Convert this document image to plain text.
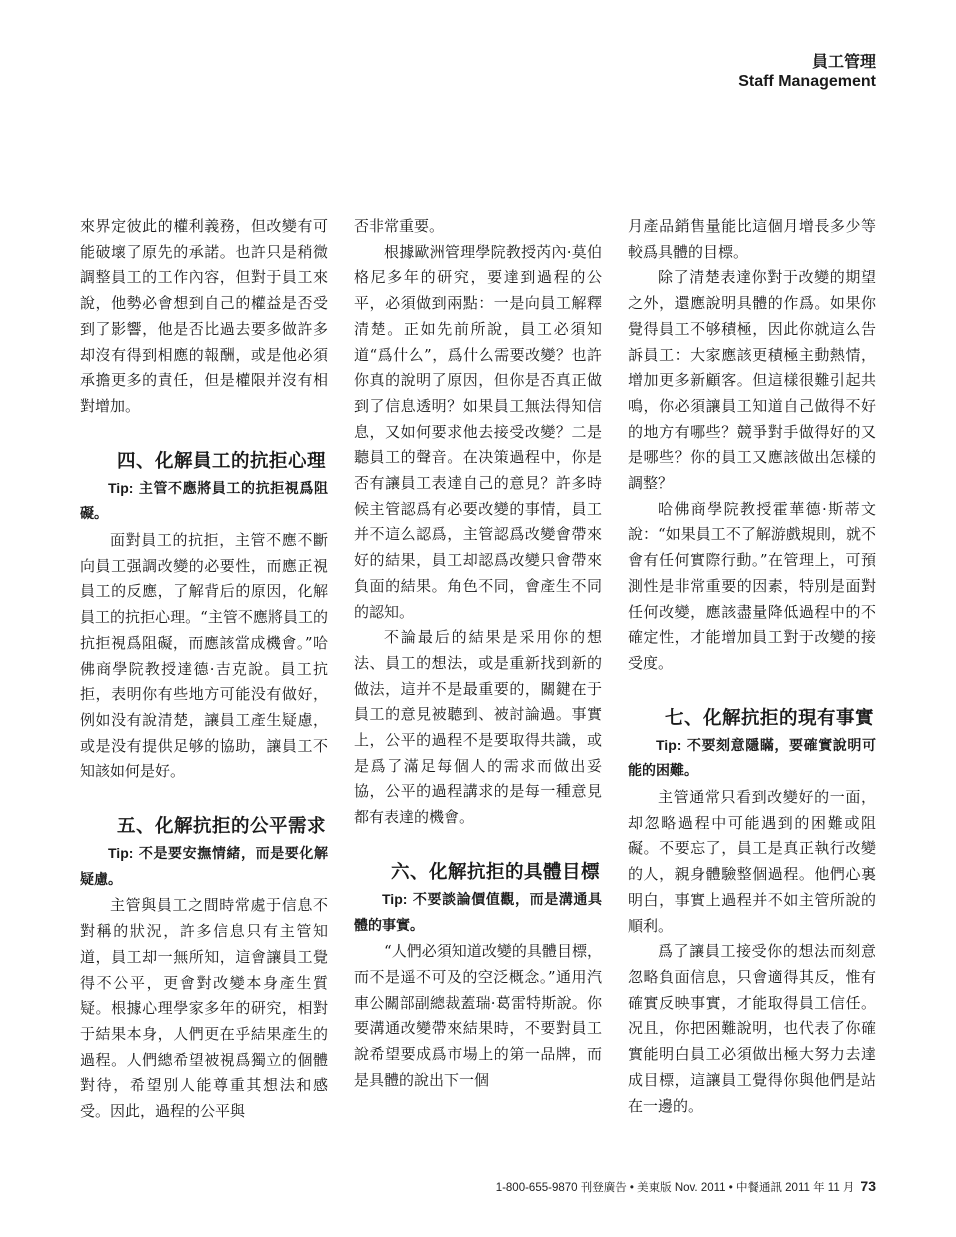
員工管理
Staff Management

來界定彼此的權利義務，但改變有可能破壞了原先的承諾。也許只是稍微調整員工的工作內容，但對于員工來說，他勢必會想到自己的權益是否受到了影響，他是否比過去要多做許多却沒有得到相應的報酬，或是他必須承擔更多的責任，但是權限并沒有相對增加。

四、化解員工的抗拒心理
Tip: 主管不應將員工的抗拒視爲阻礙。

面對員工的抗拒，主管不應不斷向員工强調改變的必要性，而應正視員工的反應，了解背后的原因，化解員工的抗拒心理。“主管不應將員工的抗拒視爲阻礙，而應該當成機會。”哈佛商學院教授達德·吉克說。員工抗拒，表明你有些地方可能没有做好，例如没有說清楚，讓員工產生疑慮，或是没有提供足够的協助，讓員工不知該如何是好。

五、化解抗拒的公平需求
Tip: 不是要安撫情緒，而是要化解疑慮。

主管與員工之間時常處于信息不對稱的狀況，許多信息只有主管知道，員工却一無所知，這會讓員工覺得不公平，更會對改變本身產生質疑。根據心理學家多年的研究，相對于結果本身，人們更在乎結果產生的過程。人們總希望被視爲獨立的個體對待，希望別人能尊重其想法和感受。因此，過程的公平與

否非常重要。

根據歐洲管理學院教授芮內·莫伯格尼多年的研究，要達到過程的公平，必須做到兩點：一是向員工解釋清楚。正如先前所說，員工必須知道“爲什么”，爲什么需要改變？也許你真的說明了原因，但你是否真正做到了信息透明？如果員工無法得知信息，又如何要求他去接受改變？二是聽員工的聲音。在决策過程中，你是否有讓員工表達自己的意見？許多時候主管認爲有必要改變的事情，員工并不這么認爲，主管認爲改變會帶來好的結果，員工却認爲改變只會帶來負面的結果。角色不同，會產生不同的認知。

不論最后的結果是采用你的想法、員工的想法，或是重新找到新的做法，這并不是最重要的，關鍵在于員工的意見被聽到、被討論過。事實上，公平的過程不是要取得共識，或是爲了滿足每個人的需求而做出妥協，公平的過程講求的是每一種意見都有表達的機會。

六、化解抗拒的具體目標
Tip: 不要談論價值觀，而是溝通具體的事實。

“人們必須知道改變的具體目標，而不是遥不可及的空泛概念。”通用汽車公關部副總裁蓋瑞·葛雷特斯說。你要溝通改變帶來結果時，不要對員工說希望要成爲市場上的第一品牌，而是具體的說出下一個

月產品銷售量能比這個月增長多少等較爲具體的目標。

除了清楚表達你對于改變的期望之外，還應說明具體的作爲。如果你覺得員工不够積極，因此你就這么告訴員工：大家應該更積極主動熱情，增加更多新顧客。但這樣很難引起共鳴，你必須讓員工知道自己做得不好的地方有哪些？競爭對手做得好的又是哪些？你的員工又應該做出怎樣的調整？

哈佛商學院教授霍華德·斯蒂文說：“如果員工不了解游戲規則，就不會有任何實際行動。”在管理上，可預測性是非常重要的因素，特別是面對任何改變，應該盡量降低過程中的不確定性，才能增加員工對于改變的接受度。

七、化解抗拒的現有事實
Tip: 不要刻意隱瞞，要確實說明可能的困難。

主管通常只看到改變好的一面，却忽略過程中可能遇到的困難或阻礙。不要忘了，員工是真正執行改變的人，親身體驗整個過程。他們心裏明白，事實上過程并不如主管所說的順利。

爲了讓員工接受你的想法而刻意忽略負面信息，只會適得其反，惟有確實反映事實，才能取得員工信任。况且，你把困難說明，也代表了你確實能明白員工必須做出極大努力去達成目標，這讓員工覺得你與他們是站在一邊的。

1-800-655-9870 刊登廣告 • 美東版 Nov. 2011 • 中餐通訊 2011 年 11 月 73
